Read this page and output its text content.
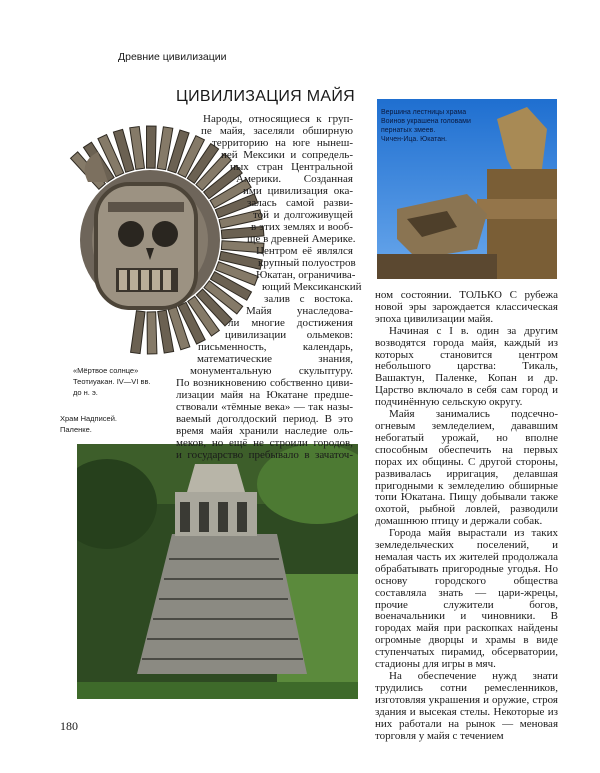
Древние цивилизации
ЦИВИЛИЗАЦИЯ МАЙЯ
«Мёртвое солнце»
Теотиуакан. IV—VI вв.
до н. э.
Храм Надписей.
Паленке.
Вершина лестницы храма
Воинов украшена головами
пернатых змеев.
Чичен-Ица. Юкатан.
Народы, относящиеся к груп-
пе майя, заселяли обширную
территорию на юге нынеш-
ней Мексики и сопредель-
ных стран Центральной
Америки. Созданная
ими цивилизация ока-
залась самой разви-
той и долгоживущей
в этих землях и вооб-
ще в древней Америке.
Центром её являлся
крупный полуостров
Юкатан, ограничива-
ющий Мексиканский
залив с востока.
Майя унаследова-
ли многие достижения
цивилизации ольмеков:
письменность, календарь,
математические знания,
монументальную скульптуру.
По возникновению собственно циви-
лизации майя на Юкатане предше-
ствовали «тёмные века» — так назы-
ваемый доголдоский период. В это
время майя хранили наследие оль-
меков, но ещё не строили городов,
и государство пребывало в зачаточ-

ном состоянии. ТОЛЬКО С рубежа новой эры зарождается классическая эпоха цивилизации майя.

Начиная с I в. один за другим возводятся города майя, каждый из которых становится центром небольшого царства: Тикаль, Вашактун, Паленке, Копан и др. Царство включало в себя сам город и подчинённую сельскую округу.

Майя занимались подсечно-огневым земледелием, дававшим небогатый урожай, но вполне способным обеспечить на первых порах их общины. С другой стороны, развивалась ирригация, делавшая пригодными к земледелию обширные топи Юкатана. Пищу добывали также охотой, рыбной ловлей, разводили домашнюю птицу и держали собак.

Города майя вырастали из таких земледельческих поселений, и немалая часть их жителей продолжала обрабатывать пригородные угодья. Но основу городского общества составляла знать — цари-жрецы, прочие служители богов, военачальники и чиновники. В городах майя при раскопках найдены огромные дворцы и храмы в виде ступенчатых пирамид, обсерватории, стадионы для игры в мяч.

На обеспечение нужд знати трудились сотни ремесленников, изготовляя украшения и оружие, строя здания и высекая стелы. Некоторые из них работали на рынок — меновая торговля у майя с течением

180
